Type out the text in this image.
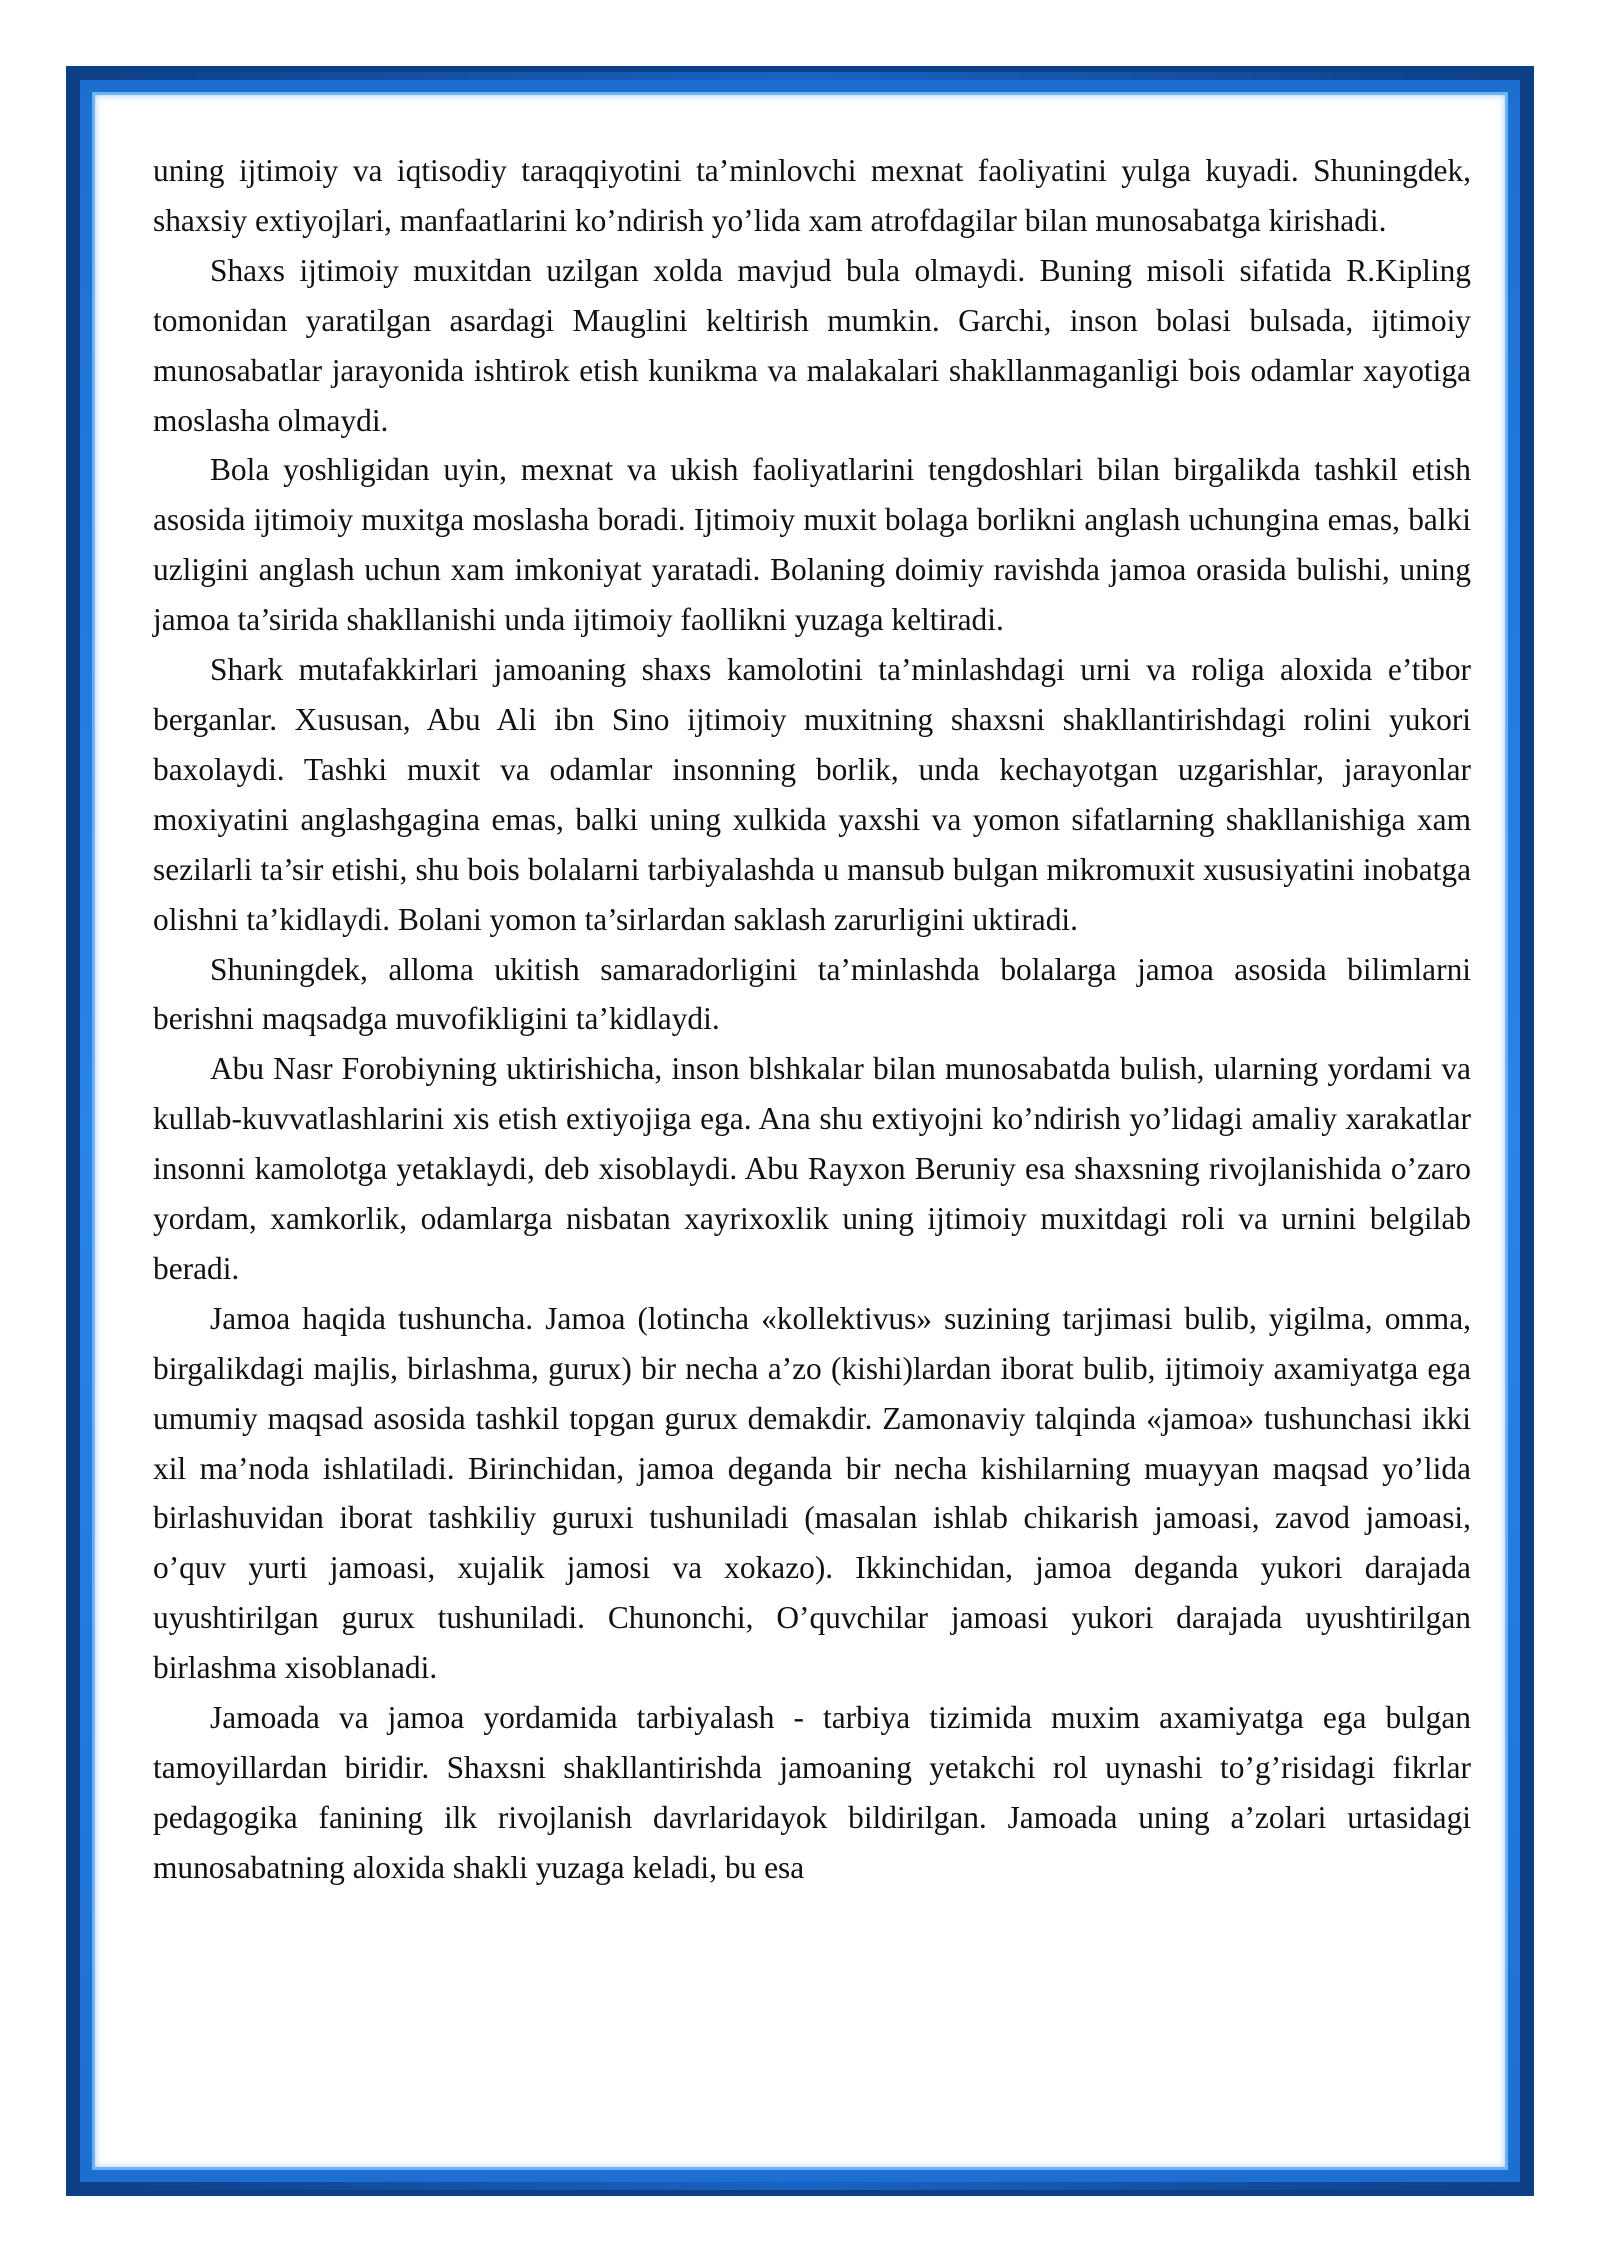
uning ijtimoiy va iqtisodiy taraqqiyotini ta’minlovchi mexnat faoliyatini yulga kuyadi. Shuningdek, shaxsiy extiyojlari, manfaatlarini ko’ndirish yo’lida xam atrofdagilar bilan munosabatga kirishadi.

Shaxs ijtimoiy muxitdan uzilgan xolda mavjud bula olmaydi. Buning misoli sifatida R.Kipling tomonidan yaratilgan asardagi Mauglini keltirish mumkin. Garchi, inson bolasi bulsada, ijtimoiy munosabatlar jarayonida ishtirok etish kunikma va malakalari shakllanmaganligi bois odamlar xayotiga moslasha olmaydi.

Bola yoshligidan uyin, mexnat va ukish faoliyatlarini tengdoshlari bilan birgalikda tashkil etish asosida ijtimoiy muxitga moslasha boradi. Ijtimoiy muxit bolaga borlikni anglash uchungina emas, balki uzligini anglash uchun xam imkoniyat yaratadi. Bolaning doimiy ravishda jamoa orasida bulishi, uning jamoa ta’sirida shakllanishi unda ijtimoiy faollikni yuzaga keltiradi.

Shark mutafakkirlari jamoaning shaxs kamolotini ta’minlashdagi urni va roliga aloxida e’tibor berganlar. Xususan, Abu Ali ibn Sino ijtimoiy muxitning shaxsni shakllantirishdagi rolini yukori baxolaydi. Tashki muxit va odamlar insonning borlik, unda kechayotgan uzgarishlar, jarayonlar moxiyatini anglashgagina emas, balki uning xulkida yaxshi va yomon sifatlarning shakllanishiga xam sezilarli ta’sir etishi, shu bois bolalarni tarbiyalashda u mansub bulgan mikromuxit xususiyatini inobatga olishni ta’kidlaydi. Bolani yomon ta’sirlardan saklash zarurligini uktiradi.

Shuningdek, alloma ukitish samaradorligini ta’minlashda bolalarga jamoa asosida bilimlarni berishni maqsadga muvofikligini ta’kidlaydi.

Abu Nasr Forobiyning uktirishicha, inson blshkalar bilan munosabatda bulish, ularning yordami va kullab-kuvvatlashlarini xis etish extiyojiga ega. Ana shu extiyojni ko’ndirish yo’lidagi amaliy xarakatlar insonni kamolotga yetaklaydi, deb xisoblaydi. Abu Rayxon Beruniy esa shaxsning rivojlanishida o’zaro yordam, xamkorlik, odamlarga nisbatan xayrixoxlik uning ijtimoiy muxitdagi roli va urnini belgilab beradi.

Jamoa haqida tushuncha. Jamoa (lotincha «kollektivus» suzining tarjimasi bulib, yigilma, omma, birgalikdagi majlis, birlashma, gurux) bir necha a’zo (kishi)lardan iborat bulib, ijtimoiy axamiyatga ega umumiy maqsad asosida tashkil topgan gurux demakdir. Zamonaviy talqinda «jamoa» tushunchasi ikki xil ma’noda ishlatiladi. Birinchidan, jamoa deganda bir necha kishilarning muayyan maqsad yo’lida birlashuvidan iborat tashkiliy guruxi tushuniladi (masalan ishlab chikarish jamoasi, zavod jamoasi, o’quv yurti jamoasi, xujalik jamosi va xokazo). Ikkinchidan, jamoa deganda yukori darajada uyushtirilgan gurux tushuniladi. Chunonchi, O’quvchilar jamoasi yukori darajada uyushtirilgan birlashma xisoblanadi.

Jamoada va jamoa yordamida tarbiyalash - tarbiya tizimida muxim axamiyatga ega bulgan tamoyillardan biridir. Shaxsni shakllantirishda jamoaning yetakchi rol uynashi to’g’risidagi fikrlar pedagogika fanining ilk rivojlanish davrlaridayok bildirilgan. Jamoada uning a’zolari urtasidagi munosabatning aloxida shakli yuzaga keladi, bu esa
